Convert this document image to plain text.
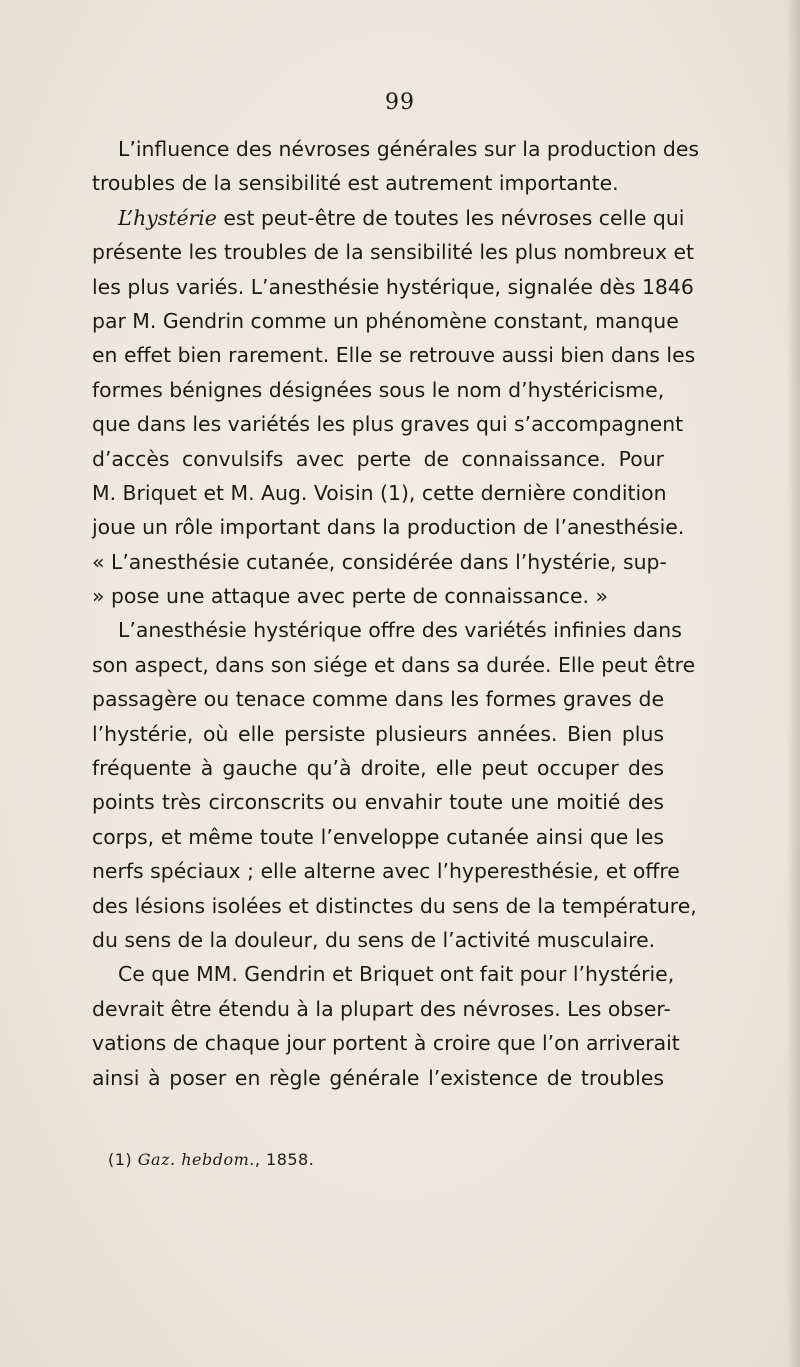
99
L’influence des névroses générales sur la production des
troubles de la sensibilité est autrement importante.
L’hystérie est peut-être de toutes les névroses celle qui
présente les troubles de la sensibilité les plus nombreux et
les plus variés. L’anesthésie hystérique, signalée dès 1846
par M. Gendrin comme un phénomène constant, manque
en effet bien rarement. Elle se retrouve aussi bien dans les
formes bénignes désignées sous le nom d’hystéricisme,
que dans les variétés les plus graves qui s’accompagnent
d’accès convulsifs avec perte de connaissance. Pour
M. Briquet et M. Aug. Voisin (1), cette dernière condition
joue un rôle important dans la production de l’anesthésie.
« L’anesthésie cutanée, considérée dans l’hystérie, sup-
» pose une attaque avec perte de connaissance. »
L’anesthésie hystérique offre des variétés infinies dans
son aspect, dans son siége et dans sa durée. Elle peut être
passagère ou tenace comme dans les formes graves de
l’hystérie, où elle persiste plusieurs années. Bien plus
fréquente à gauche qu’à droite, elle peut occuper des
points très circonscrits ou envahir toute une moitié des
corps, et même toute l’enveloppe cutanée ainsi que les
nerfs spéciaux ; elle alterne avec l’hyperesthésie, et offre
des lésions isolées et distinctes du sens de la température,
du sens de la douleur, du sens de l’activité musculaire.
Ce que MM. Gendrin et Briquet ont fait pour l’hystérie,
devrait être étendu à la plupart des névroses. Les obser-
vations de chaque jour portent à croire que l’on arriverait
ainsi à poser en règle générale l’existence de troubles
(1) Gaz. hebdom., 1858.
